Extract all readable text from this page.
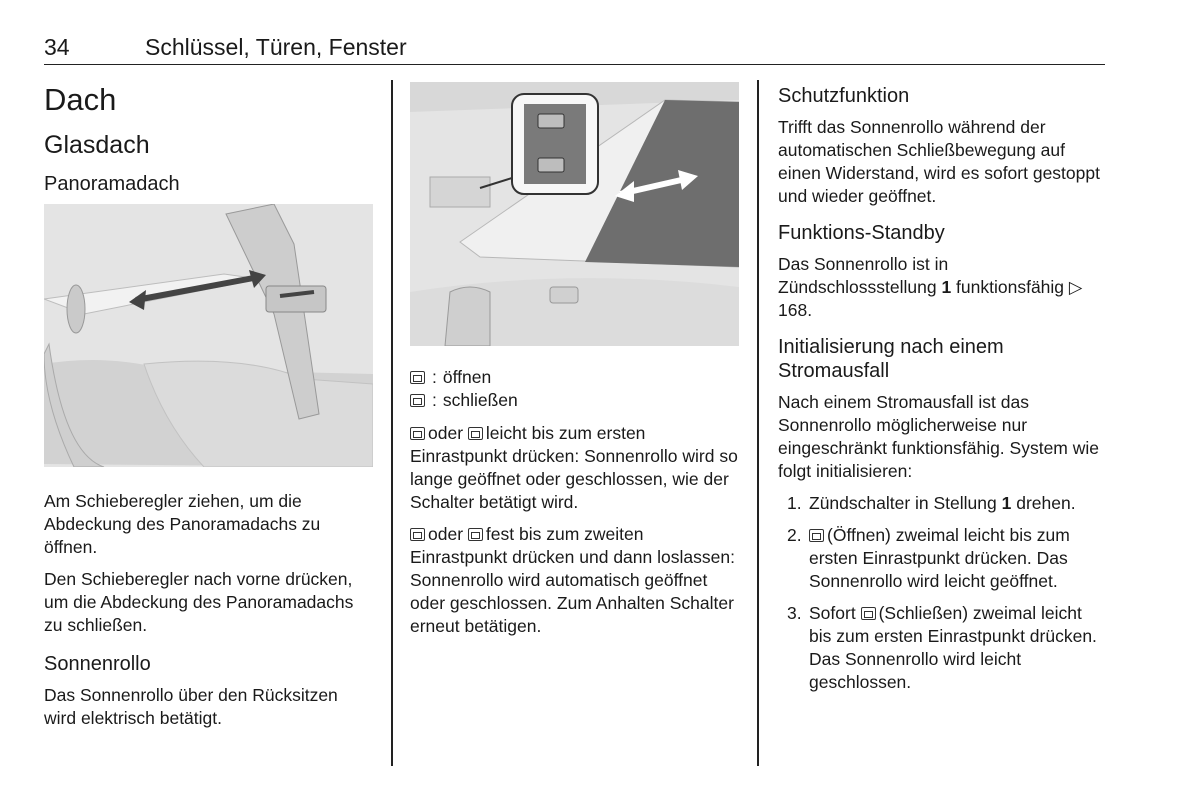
34	Schlüssel, Türen, Fenster
Dach
Glasdach
Panoramadach

Am Schieberegler ziehen, um die Abdeckung des Panoramadachs zu öffnen.

Den Schieberegler nach vorne drücken, um die Abdeckung des Panoramadachs zu schließen.

Sonnenrollo

Das Sonnenrollo über den Rücksitzen wird elektrisch betätigt.

: öffnen
: schließen

oder leicht bis zum ersten Einrastpunkt drücken: Sonnenrollo wird so lange geöffnet oder geschlossen, wie der Schalter betätigt wird.

oder fest bis zum zweiten Einrastpunkt drücken und dann loslassen: Sonnenrollo wird automatisch geöffnet oder geschlossen. Zum Anhalten Schalter erneut betätigen.

Schutzfunktion

Trifft das Sonnenrollo während der automatischen Schließbewegung auf einen Widerstand, wird es sofort gestoppt und wieder geöffnet.

Funktions-Standby

Das Sonnenrollo ist in Zündschlossstellung 1 funktionsfähig ▷ 168.

Initialisierung nach einem Stromausfall

Nach einem Stromausfall ist das Sonnenrollo möglicherweise nur eingeschränkt funktionsfähig. System wie folgt initialisieren:

1. Zündschalter in Stellung 1 drehen.
2. (Öffnen) zweimal leicht bis zum ersten Einrastpunkt drücken. Das Sonnenrollo wird leicht geöffnet.
3. Sofort (Schließen) zweimal leicht bis zum ersten Einrastpunkt drücken. Das Sonnenrollo wird leicht geschlossen.
